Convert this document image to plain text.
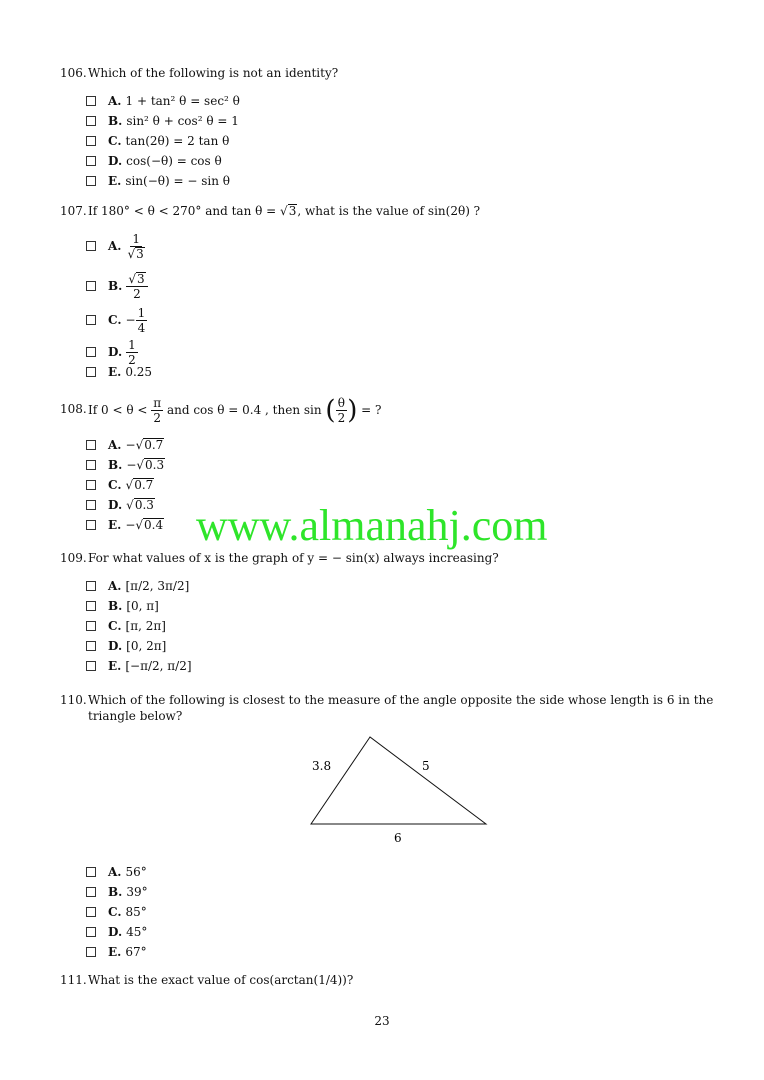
106. Which of the following is not an identity?
A. 1 + tan² θ = sec² θ
B. sin² θ + cos² θ = 1
C. tan(2θ) = 2 tan θ
D. cos(−θ) = cos θ
E. sin(−θ) = − sin θ
107. If 180° < θ < 270° and tan θ = √3, what is the value of sin(2θ) ?
A. $\frac{1}{√3}$
B. $\frac{√3}{2}$
C. − $\frac{1}{4}$
D. $\frac{1}{2}$
E. 0.25
108. If $0 < \theta < \frac{\pi}{2}$ and cos θ = 0.4 , then sin ( $\frac{\theta}{2}$ ) = ?
A. −√0.7
B. −√0.3
C. √0.7
D. √0.3
E. −√0.4 www.almanahj.com
109. For what values of x is the graph of y = − sin(x) always increasing?
A. [π/2, 3π/2]
B. [0, π]
C. [π, 2π]
D. [0, 2π]
E. [−π/2, π/2]
110. Which of the following is closest to the measure of the angle opposite the side whose length is 6 in the triangle below?
3.8	5
6
A. 56°
B. 39°
C. 85°
D. 45°
E. 67°
111. What is the exact value of cos(arctan(1/4))?
23
